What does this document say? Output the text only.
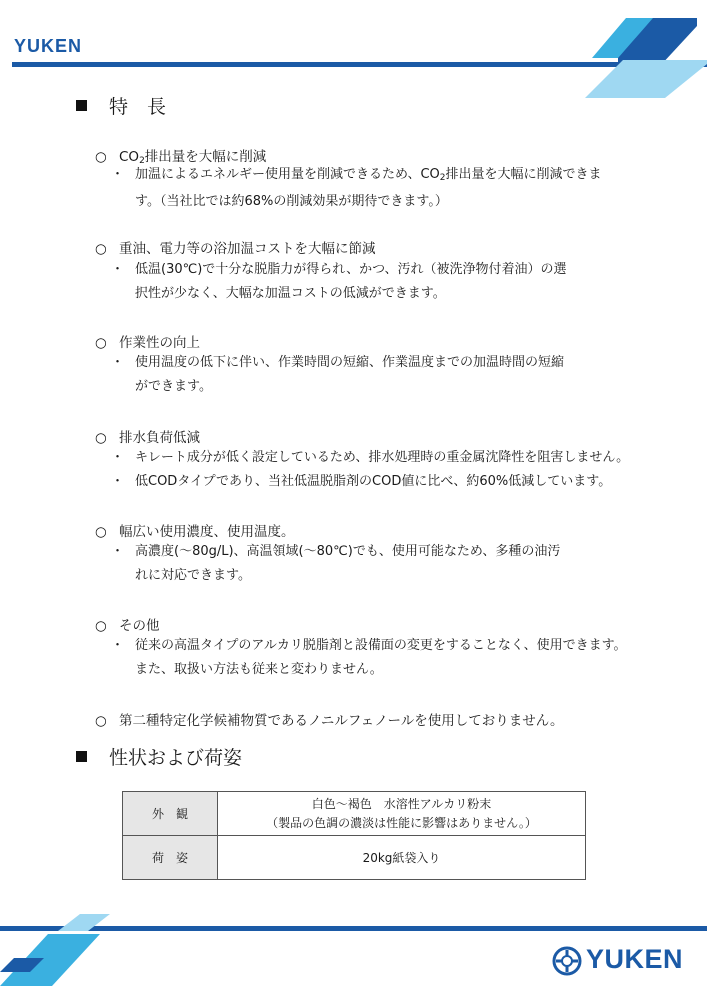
YUKEN
特　長
○ $CO_2$排出量を大幅に削減
・ 加温によるエネルギー使用量を削減できるため、$CO_2$排出量を大幅に削減できま
す。（当社比では約68%の削減効果が期待できます。）
○ 重油、電力等の浴加温コストを大幅に節減
・ 低温(30℃)で十分な脱脂力が得られ、かつ、汚れ（被洗浄物付着油）の選
択性が少なく、大幅な加温コストの低減ができます。
○ 作業性の向上
・ 使用温度の低下に伴い、作業時間の短縮、作業温度までの加温時間の短縮
ができます。
○ 排水負荷低減
・ キレート成分が低く設定しているため、排水処理時の重金属沈降性を阻害しません。
・ 低CODタイプであり、当社低温脱脂剤のCOD値に比べ、約60%低減しています。
○ 幅広い使用濃度、使用温度。
・ 高濃度(～80g/L)、高温領域(～80℃)でも、使用可能なため、多種の油汚
れに対応できます。
○ その他
・ 従来の高温タイプのアルカリ脱脂剤と設備面の変更をすることなく、使用できます。
また、取扱い方法も従来と変わりません。
○ 第二種特定化学候補物質であるノニルフェノールを使用しておりません。
性状および荷姿
外　観	白色～褐色　水溶性アルカリ粉末
（製品の色調の濃淡は性能に影響はありません。）

荷　姿	20kg紙袋入り
YUKEN
